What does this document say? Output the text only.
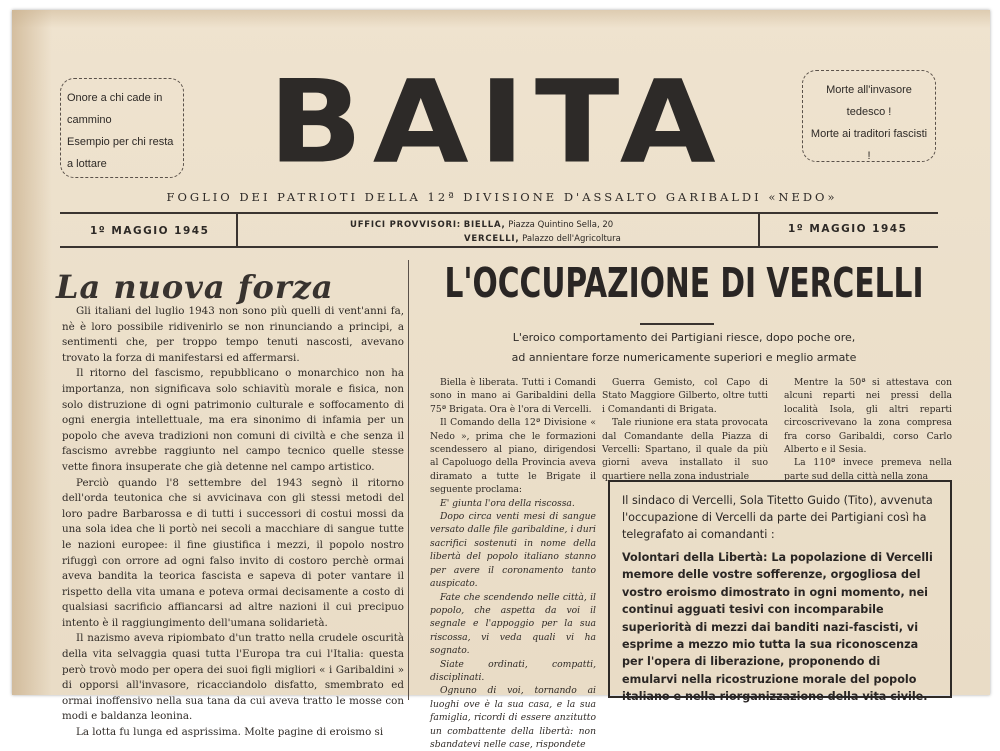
Onore a chi cade in cammino
Esempio per chi resta a lottare	BAITA	Morte all'invasore tedesco !
Morte ai traditori fascisti !
FOGLIO DEI PATRIOTI DELLA 12ª DIVISIONE D'ASSALTO GARIBALDI «NEDO»
1º MAGGIO 1945	UFFICI PROVVISORI: BIELLA, Piazza Quintino Sella, 20
VERCELLI, Palazzo dell'Agricoltura
1º MAGGIO 1945
La nuova forza

Gli italiani del luglio 1943 non sono più quelli di vent'anni fa, nè è loro possibile ridivenirlo se non rinunciando a principi, a sentimenti che, per troppo tempo tenuti nascosti, avevano trovato la forza di manifestarsi ed affermarsi.

Il ritorno del fascismo, repubblicano o monarchico non ha importanza, non significava solo schiavitù morale e fisica, non solo distruzione di ogni patrimonio culturale e soffocamento di ogni energia intellettuale, ma era sinonimo di infamia per un popolo che aveva tradizioni non comuni di civiltà e che senza il fascismo avrebbe raggiunto nel campo tecnico quelle stesse vette finora insuperate che già detenne nel campo artistico.

Perciò quando l'8 settembre del 1943 segnò il ritorno dell'orda teutonica che si avvicinava con gli stessi metodi del loro padre Barbarossa e di tutti i successori di costui mossi da una sola idea che li portò nei secoli a macchiare di sangue tutte le nazioni europee: il fine giustifica i mezzi, il popolo nostro rifuggì con orrore ad ogni falso invito di costoro perchè ormai aveva bandita la teorica fascista e sapeva di poter vantare il rispetto della vita umana e poteva ormai decisamente a costo di qualsiasi sacrificio affiancarsi ad altre nazioni il cui precipuo intento è il raggiungimento dell'umana solidarietà.

Il nazismo aveva ripiombato d'un tratto nella crudele oscurità della vita selvaggia quasi tutta l'Europa tra cui l'Italia: questa però trovò modo per opera dei suoi figli migliori « i Garibaldini » di opporsi all'invasore, ricacciandolo disfatto, smembrato ed ormai inoffensivo nella sua tana da cui aveva tratto le mosse con modi e baldanza leonina.

La lotta fu lunga ed asprissima. Molte pagine di eroismo si

L'OCCUPAZIONE DI VERCELLI
L'eroico comportamento dei Partigiani riesce, dopo poche ore,
ad annientare forze numericamente superiori e meglio armate

Biella è liberata. Tutti i Comandi sono in mano ai Garibaldini della 75ª Brigata. Ora è l'ora di Vercelli.

Il Comando della 12ª Divisione « Nedo », prima che le formazioni scendessero al piano, dirigendosi al Capoluogo della Provincia aveva diramato a tutte le Brigate il seguente proclama:

E' giunta l'ora della riscossa.

Dopo circa venti mesi di sangue versato dalle file garibaldine, i duri sacrifici sostenuti in nome della libertà del popolo italiano stanno per avere il coronamento tanto auspicato.

Fate che scendendo nelle città, il popolo, che aspetta da voi il segnale e l'appoggio per la sua riscossa, vi veda quali vi ha sognato.

Siate ordinati, compatti, disciplinati.

Ognuno di voi, tornando ai luoghi ove è la sua casa, e la sua famiglia, ricordi di essere anzitutto un combattente della libertà: non sbandatevi nelle case, rispondete

Guerra Gemisto, col Capo di Stato Maggiore Gilberto, oltre tutti i Comandanti di Brigata.

Tale riunione era stata provocata dal Comandante della Piazza di Vercelli: Spartano, il quale da più giorni aveva installato il suo quartiere nella zona industriale

Mentre la 50ª si attestava con alcuni reparti nei pressi della località Isola, gli altri reparti circoscrivevano la zona compresa fra corso Garibaldi, corso Carlo Alberto e il Sesia.

La 110ª invece premeva nella parte sud della città nella zona

Il sindaco di Vercelli, Sola Titetto Guido (Tito), avvenuta l'occupazione di Vercelli da parte dei Partigiani così ha telegrafato ai comandanti :
Volontari della Libertà: La popolazione di Vercelli memore delle vostre sofferenze, orgogliosa del vostro eroismo dimostrato in ogni momento, nei continui agguati tesivi con incomparabile superiorità di mezzi dai banditi nazi-fascisti, vi esprime a mezzo mio tutta la sua riconoscenza per l'opera di liberazione, proponendo di emularvi nella ricostruzione morale del popolo italiano e nella riorganizzazione della vita civile.
